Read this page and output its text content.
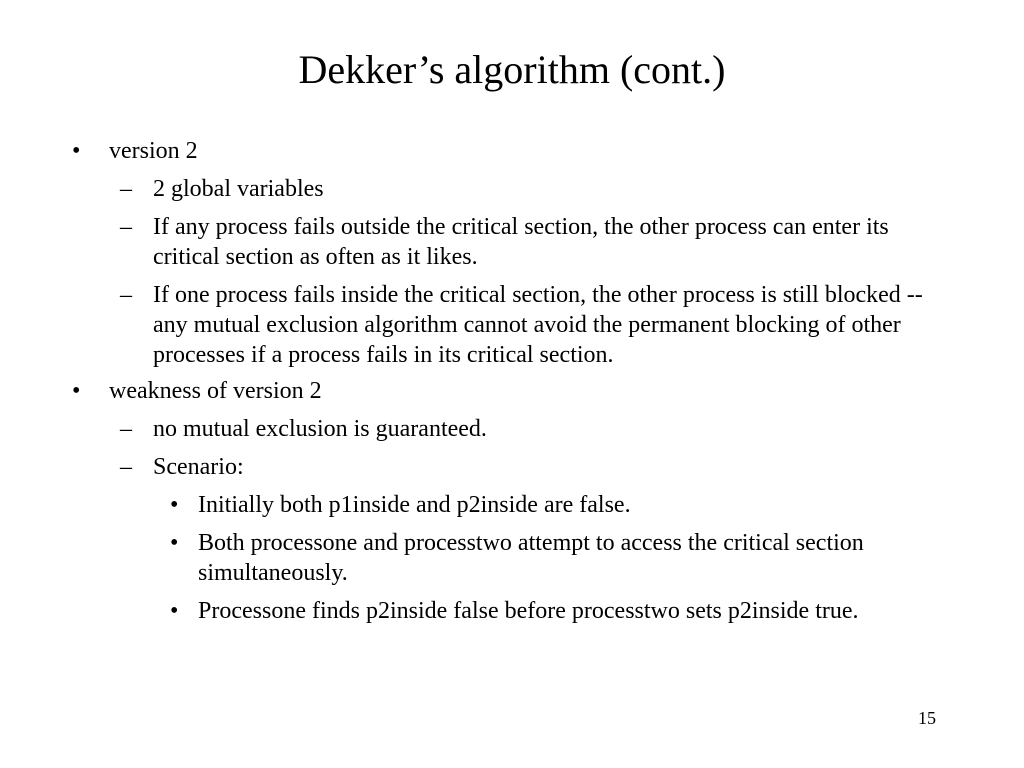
Dekker’s algorithm (cont.)
• version 2
– 2 global variables
– If any process fails outside the critical section, the other process can enter its critical section as often as it likes.
– If one process fails inside the critical section, the other process is still blocked -- any mutual exclusion algorithm cannot avoid the permanent blocking of other processes if a process fails in its critical section.
• weakness of version 2
– no mutual exclusion is guaranteed.
– Scenario:
• Initially both p1inside and p2inside are false.
• Both processone and processtwo attempt to access the critical section simultaneously.
• Processone finds p2inside false before processtwo sets p2inside true.
15
